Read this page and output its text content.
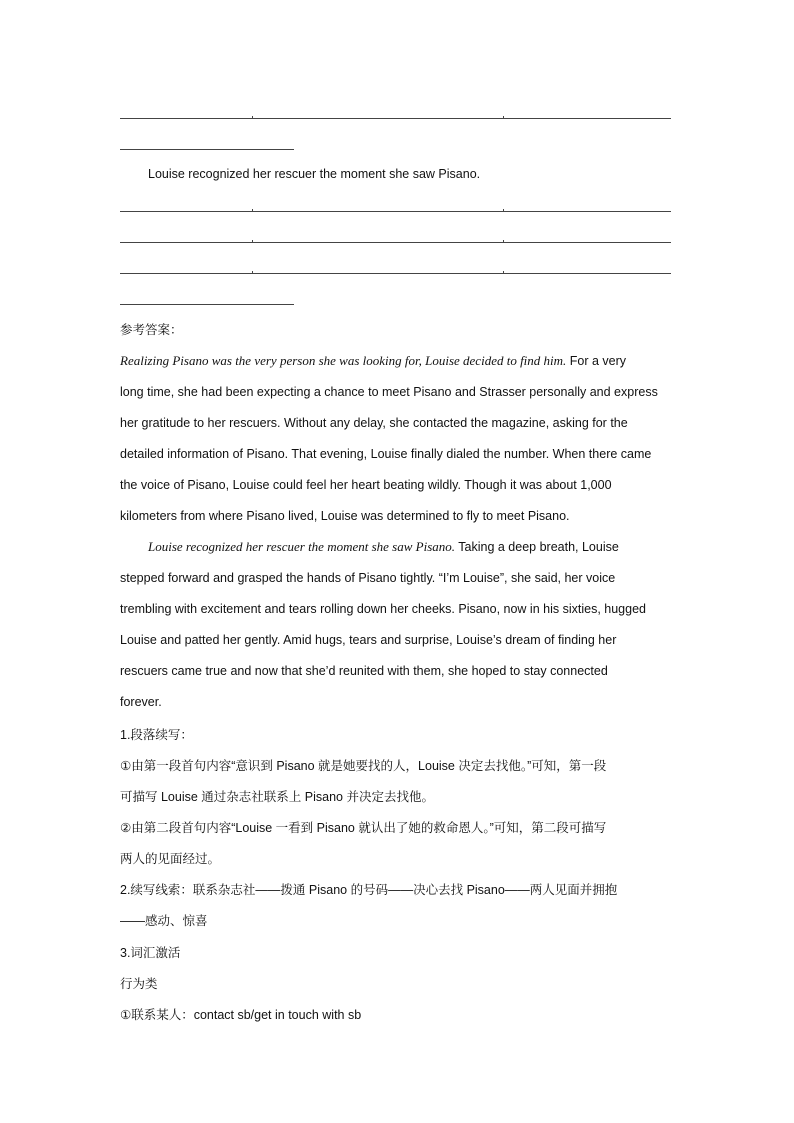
Louise recognized her rescuer the moment she saw Pisano.
参考答案：
Realizing Pisano was the very person she was looking for, Louise decided to find him. For a very
long time, she had been expecting a chance to meet Pisano and Strasser personally and express
her gratitude to her rescuers. Without any delay, she contacted the magazine, asking for the
detailed information of Pisano. That evening, Louise finally dialed the number. When there came
the voice of Pisano, Louise could feel her heart beating wildly. Though it was about 1,000
kilometers from where Pisano lived, Louise was determined to fly to meet Pisano.
Louise recognized her rescuer the moment she saw Pisano. Taking a deep breath, Louise
stepped forward and grasped the hands of Pisano tightly. “I’m Louise”, she said, her voice
trembling with excitement and tears rolling down her cheeks. Pisano, now in his sixties, hugged
Louise and patted her gently. Amid hugs, tears and surprise, Louise’s dream of finding her
rescuers came true and now that she’d reunited with them, she hoped to stay connected
forever.
1.段落续写：
①由第一段首句内容“意识到 Pisano 就是她要找的人，Louise 决定去找他。”可知，第一段
可描写 Louise 通过杂志社联系上 Pisano 并决定去找他。
②由第二段首句内容“Louise 一看到 Pisano 就认出了她的救命恩人。”可知，第二段可描写
两人的见面经过。
2.续写线索：联系杂志社——拨通 Pisano 的号码——决心去找 Pisano——两人见面并拥抱
——感动、惊喜
3.词汇激活
行为类
①联系某人：contact sb/get in touch with sb
